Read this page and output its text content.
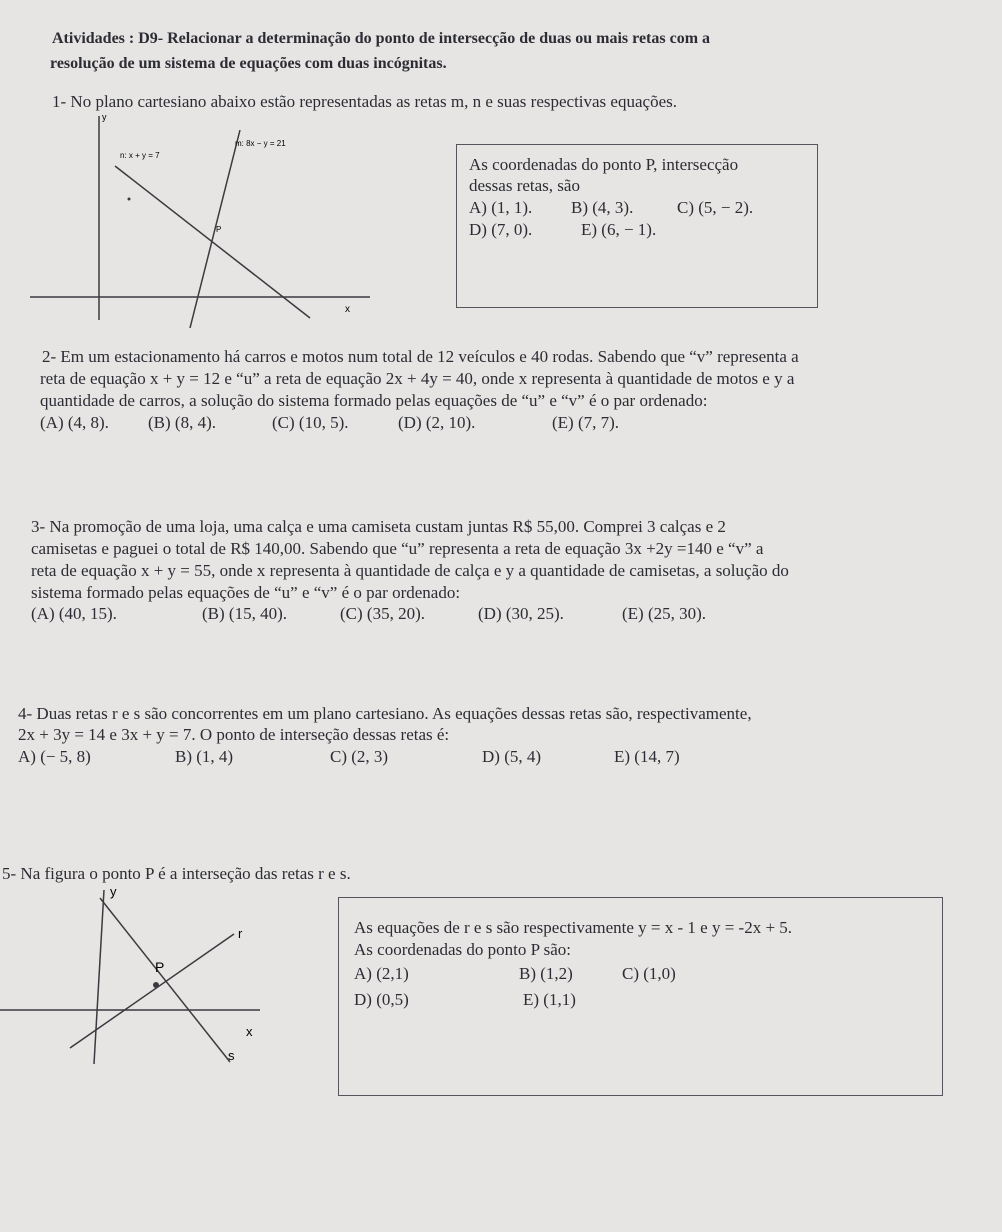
Atividades : D9- Relacionar a determinação do ponto de intersecção de duas ou mais retas com a
resolução de um sistema de equações com duas incógnitas.
1- No plano cartesiano abaixo estão representadas as retas m, n e suas respectivas equações.
y
x
n: x + y = 7
m: 8x − y = 21
P
As coordenadas do ponto P, intersecção
dessas retas, são
A) (1, 1). B) (4, 3).	C) (5, − 2).
D) (7, 0).	E) (6, − 1).
2- Em um estacionamento há carros e motos num total de 12 veículos e 40 rodas. Sabendo que “v” representa a
reta de equação x + y = 12 e “u” a reta de equação 2x + 4y = 40, onde x representa à quantidade de motos e y a
quantidade de carros, a solução do sistema formado pelas equações de “u” e “v” é o par ordenado:
(A) (4, 8). (B) (8, 4).	(C) (10, 5).	(D) (2, 10).	(E) (7, 7).
3- Na promoção de uma loja, uma calça e uma camiseta custam juntas R$ 55,00. Comprei 3 calças e 2
camisetas e paguei o total de R$ 140,00. Sabendo que “u” representa a reta de equação 3x +2y =140 e “v” a
reta de equação x + y = 55, onde x representa à quantidade de calça e y a quantidade de camisetas, a solução do
sistema formado pelas equações de “u” e “v” é o par ordenado:
(A) (40, 15).	(B) (15, 40).	(C) (35, 20).	(D) (30, 25).	(E) (25, 30).
4- Duas retas r e s são concorrentes em um plano cartesiano. As equações dessas retas são, respectivamente,
2x + 3y = 14 e 3x + y = 7. O ponto de interseção dessas retas é:
A) (− 5, 8)	B) (1, 4)	C) (2, 3)	D) (5, 4)	E) (14, 7)
5- Na figura o ponto P é a interseção das retas r e s.
y
x
r
s
P
As equações de r e s são respectivamente y = x - 1 e y = -2x + 5.
As coordenadas do ponto P são:
A) (2,1)	B) (1,2)	C) (1,0)
D) (0,5)	E) (1,1)
